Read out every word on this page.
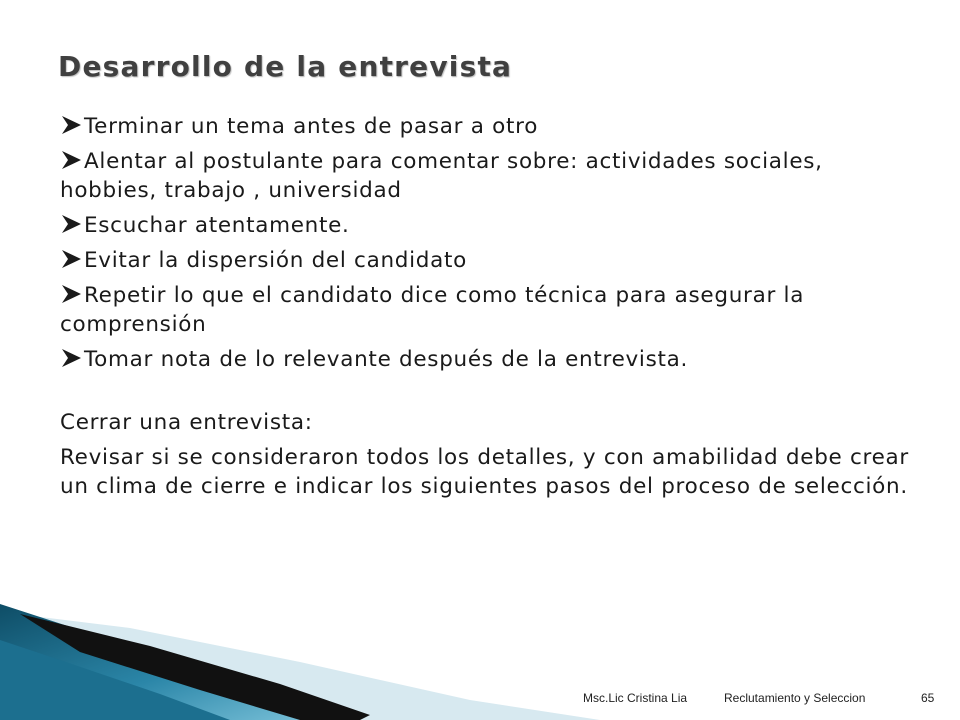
Desarrollo de la entrevista

Terminar un tema antes de pasar a otro

Alentar al postulante para comentar sobre: actividades sociales, hobbies, trabajo , universidad

Escuchar atentamente.

Evitar la dispersión del candidato

Repetir lo que el candidato dice como técnica para asegurar la comprensión

Tomar nota de lo relevante después de la entrevista.

Cerrar una entrevista:

Revisar si se consideraron todos los detalles, y con amabilidad debe crear un clima de cierre e indicar los siguientes pasos del proceso de selección.

Msc.Lic Cristina Lia	Reclutamiento y Seleccion	65
